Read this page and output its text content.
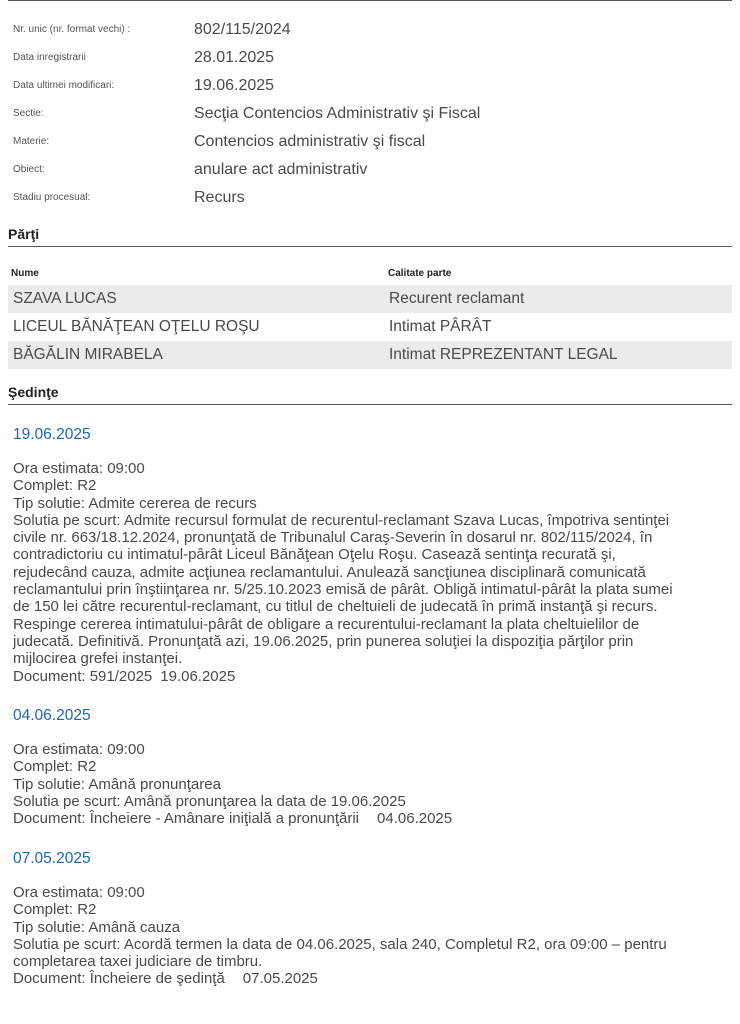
Nr. unic (nr. format vechi) :	802/115/2024
Data inregistrarii	28.01.2025
Data ultimei modificari:	19.06.2025
Sectie:	Secţia Contencios Administrativ şi Fiscal
Materie:	Contencios administrativ şi fiscal
Obiect:	anulare act administrativ
Stadiu procesual:	Recurs
Părţi
Nume	Calitate parte
SZAVA LUCAS	Recurent reclamant
LICEUL BĂNĂŢEAN OŢELU ROŞU	Intimat PÂRÂT
BĂGĂLIN MIRABELA	Intimat REPREZENTANT LEGAL
Şedinţe
19.06.2025
Ora estimata: 09:00
Complet: R2
Tip solutie: Admite cererea de recurs
Solutia pe scurt: Admite recursul formulat de recurentul-reclamant Szava Lucas, împotriva sentinţei
civile nr. 663/18.12.2024, pronunţată de Tribunalul Caraş-Severin în dosarul nr. 802/115/2024, în
contradictoriu cu intimatul-pârât Liceul Bănăţean Oţelu Roşu. Casează sentinţa recurată şi,
rejudecând cauza, admite acţiunea reclamantului. Anulează sancţiunea disciplinară comunicată
reclamantului prin înştiinţarea nr. 5/25.10.2023 emisă de pârât. Obligă intimatul-pârât la plata sumei
de 150 lei către recurentul-reclamant, cu titlul de cheltuieli de judecată în primă instanţă şi recurs.
Respinge cererea intimatului-pârât de obligare a recurentului-reclamant la plata cheltuielilor de
judecată. Definitivă. Pronunţată azi, 19.06.2025, prin punerea soluţiei la dispoziţia părţilor prin
mijlocirea grefei instanţei.
Document: 591/2025 19.06.2025
04.06.2025
Ora estimata: 09:00
Complet: R2
Tip solutie: Amână pronunţarea
Solutia pe scurt: Amână pronunţarea la data de 19.06.2025
Document: Încheiere - Amânare iniţială a pronunţării 04.06.2025
07.05.2025
Ora estimata: 09:00
Complet: R2
Tip solutie: Amână cauza
Solutia pe scurt: Acordă termen la data de 04.06.2025, sala 240, Completul R2, ora 09:00 – pentru
completarea taxei judiciare de timbru.
Document: Încheiere de şedinţă 07.05.2025
